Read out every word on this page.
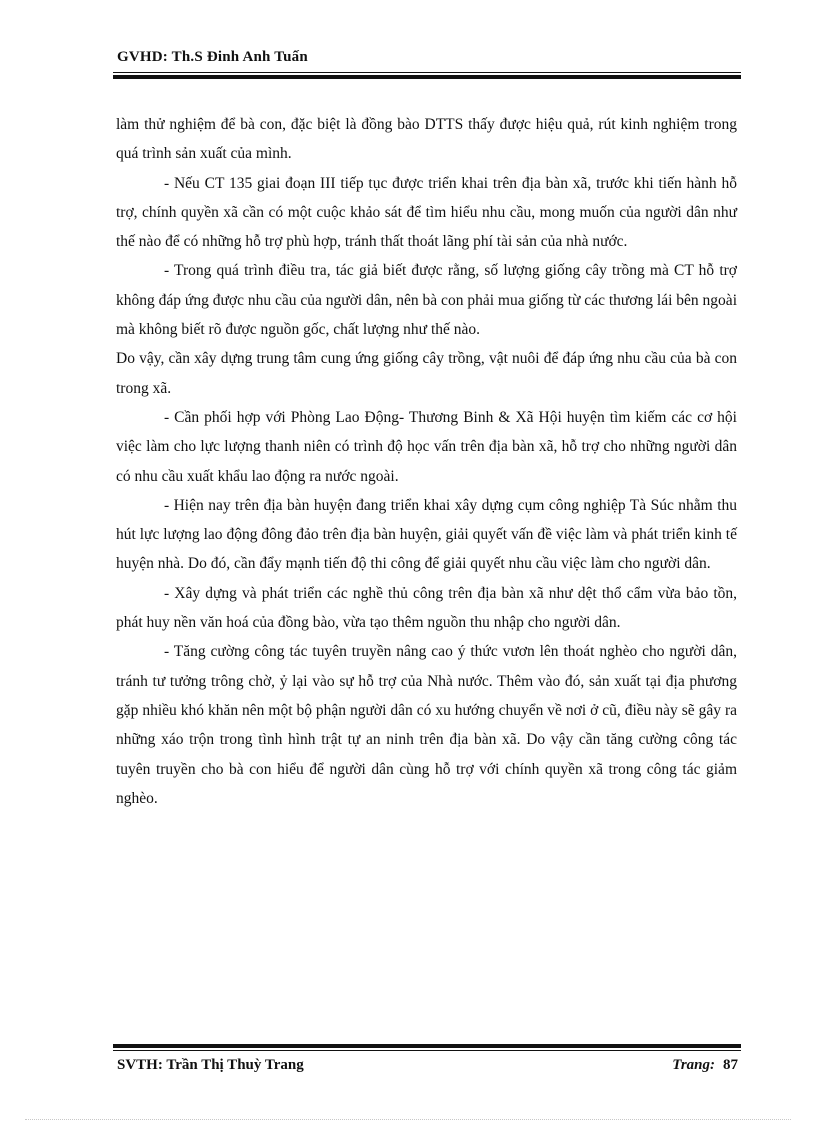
GVHD: Th.S Đinh Anh Tuấn

làm thử nghiệm để bà con, đặc biệt là đồng bào DTTS thấy được hiệu quả, rút kinh nghiệm trong quá trình sản xuất của mình.

- Nếu CT 135 giai đoạn III tiếp tục được triển khai trên địa bàn xã, trước khi tiến hành hỗ trợ, chính quyền xã cần có một cuộc khảo sát để tìm hiểu nhu cầu, mong muốn của người dân như thế nào để có những hỗ trợ phù hợp, tránh thất thoát lãng phí tài sản của nhà nước.

- Trong quá trình điều tra, tác giả biết được rằng, số lượng giống cây trồng mà CT hỗ trợ không đáp ứng được nhu cầu của người dân, nên bà con phải mua giống từ các thương lái bên ngoài mà không biết rõ được nguồn gốc, chất lượng như thế nào.

Do vậy, cần xây dựng trung tâm cung ứng giống cây trồng, vật nuôi để đáp ứng nhu cầu của bà con trong xã.

- Cần phối hợp với Phòng Lao Động- Thương Binh & Xã Hội huyện tìm kiếm các cơ hội việc làm cho lực lượng thanh niên có trình độ học vấn trên địa bàn xã, hỗ trợ cho những người dân có nhu cầu xuất khẩu lao động ra nước ngoài.

- Hiện nay trên địa bàn huyện đang triển khai xây dựng cụm công nghiệp Tà Súc nhằm thu hút lực lượng lao động đông đảo trên địa bàn huyện, giải quyết vấn đề việc làm và phát triển kinh tế huyện nhà. Do đó, cần đẩy mạnh tiến độ thi công để giải quyết nhu cầu việc làm cho người dân.

- Xây dựng và phát triển các nghề thủ công trên địa bàn xã như dệt thổ cẩm vừa bảo tồn, phát huy nền văn hoá của đồng bào, vừa tạo thêm nguồn thu nhập cho người dân.

- Tăng cường công tác tuyên truyền nâng cao ý thức vươn lên thoát nghèo cho người dân, tránh tư tưởng trông chờ, ỷ lại vào sự hỗ trợ của Nhà nước. Thêm vào đó, sản xuất tại địa phương gặp nhiều khó khăn nên một bộ phận người dân có xu hướng chuyển về nơi ở cũ, điều này sẽ gây ra những xáo trộn trong tình hình trật tự an ninh trên địa bàn xã. Do vậy cần tăng cường công tác tuyên truyền cho bà con hiểu để người dân cùng hỗ trợ với chính quyền xã trong công tác giảm nghèo.

SVTH: Trần Thị Thuỳ Trang	Trang: 87
